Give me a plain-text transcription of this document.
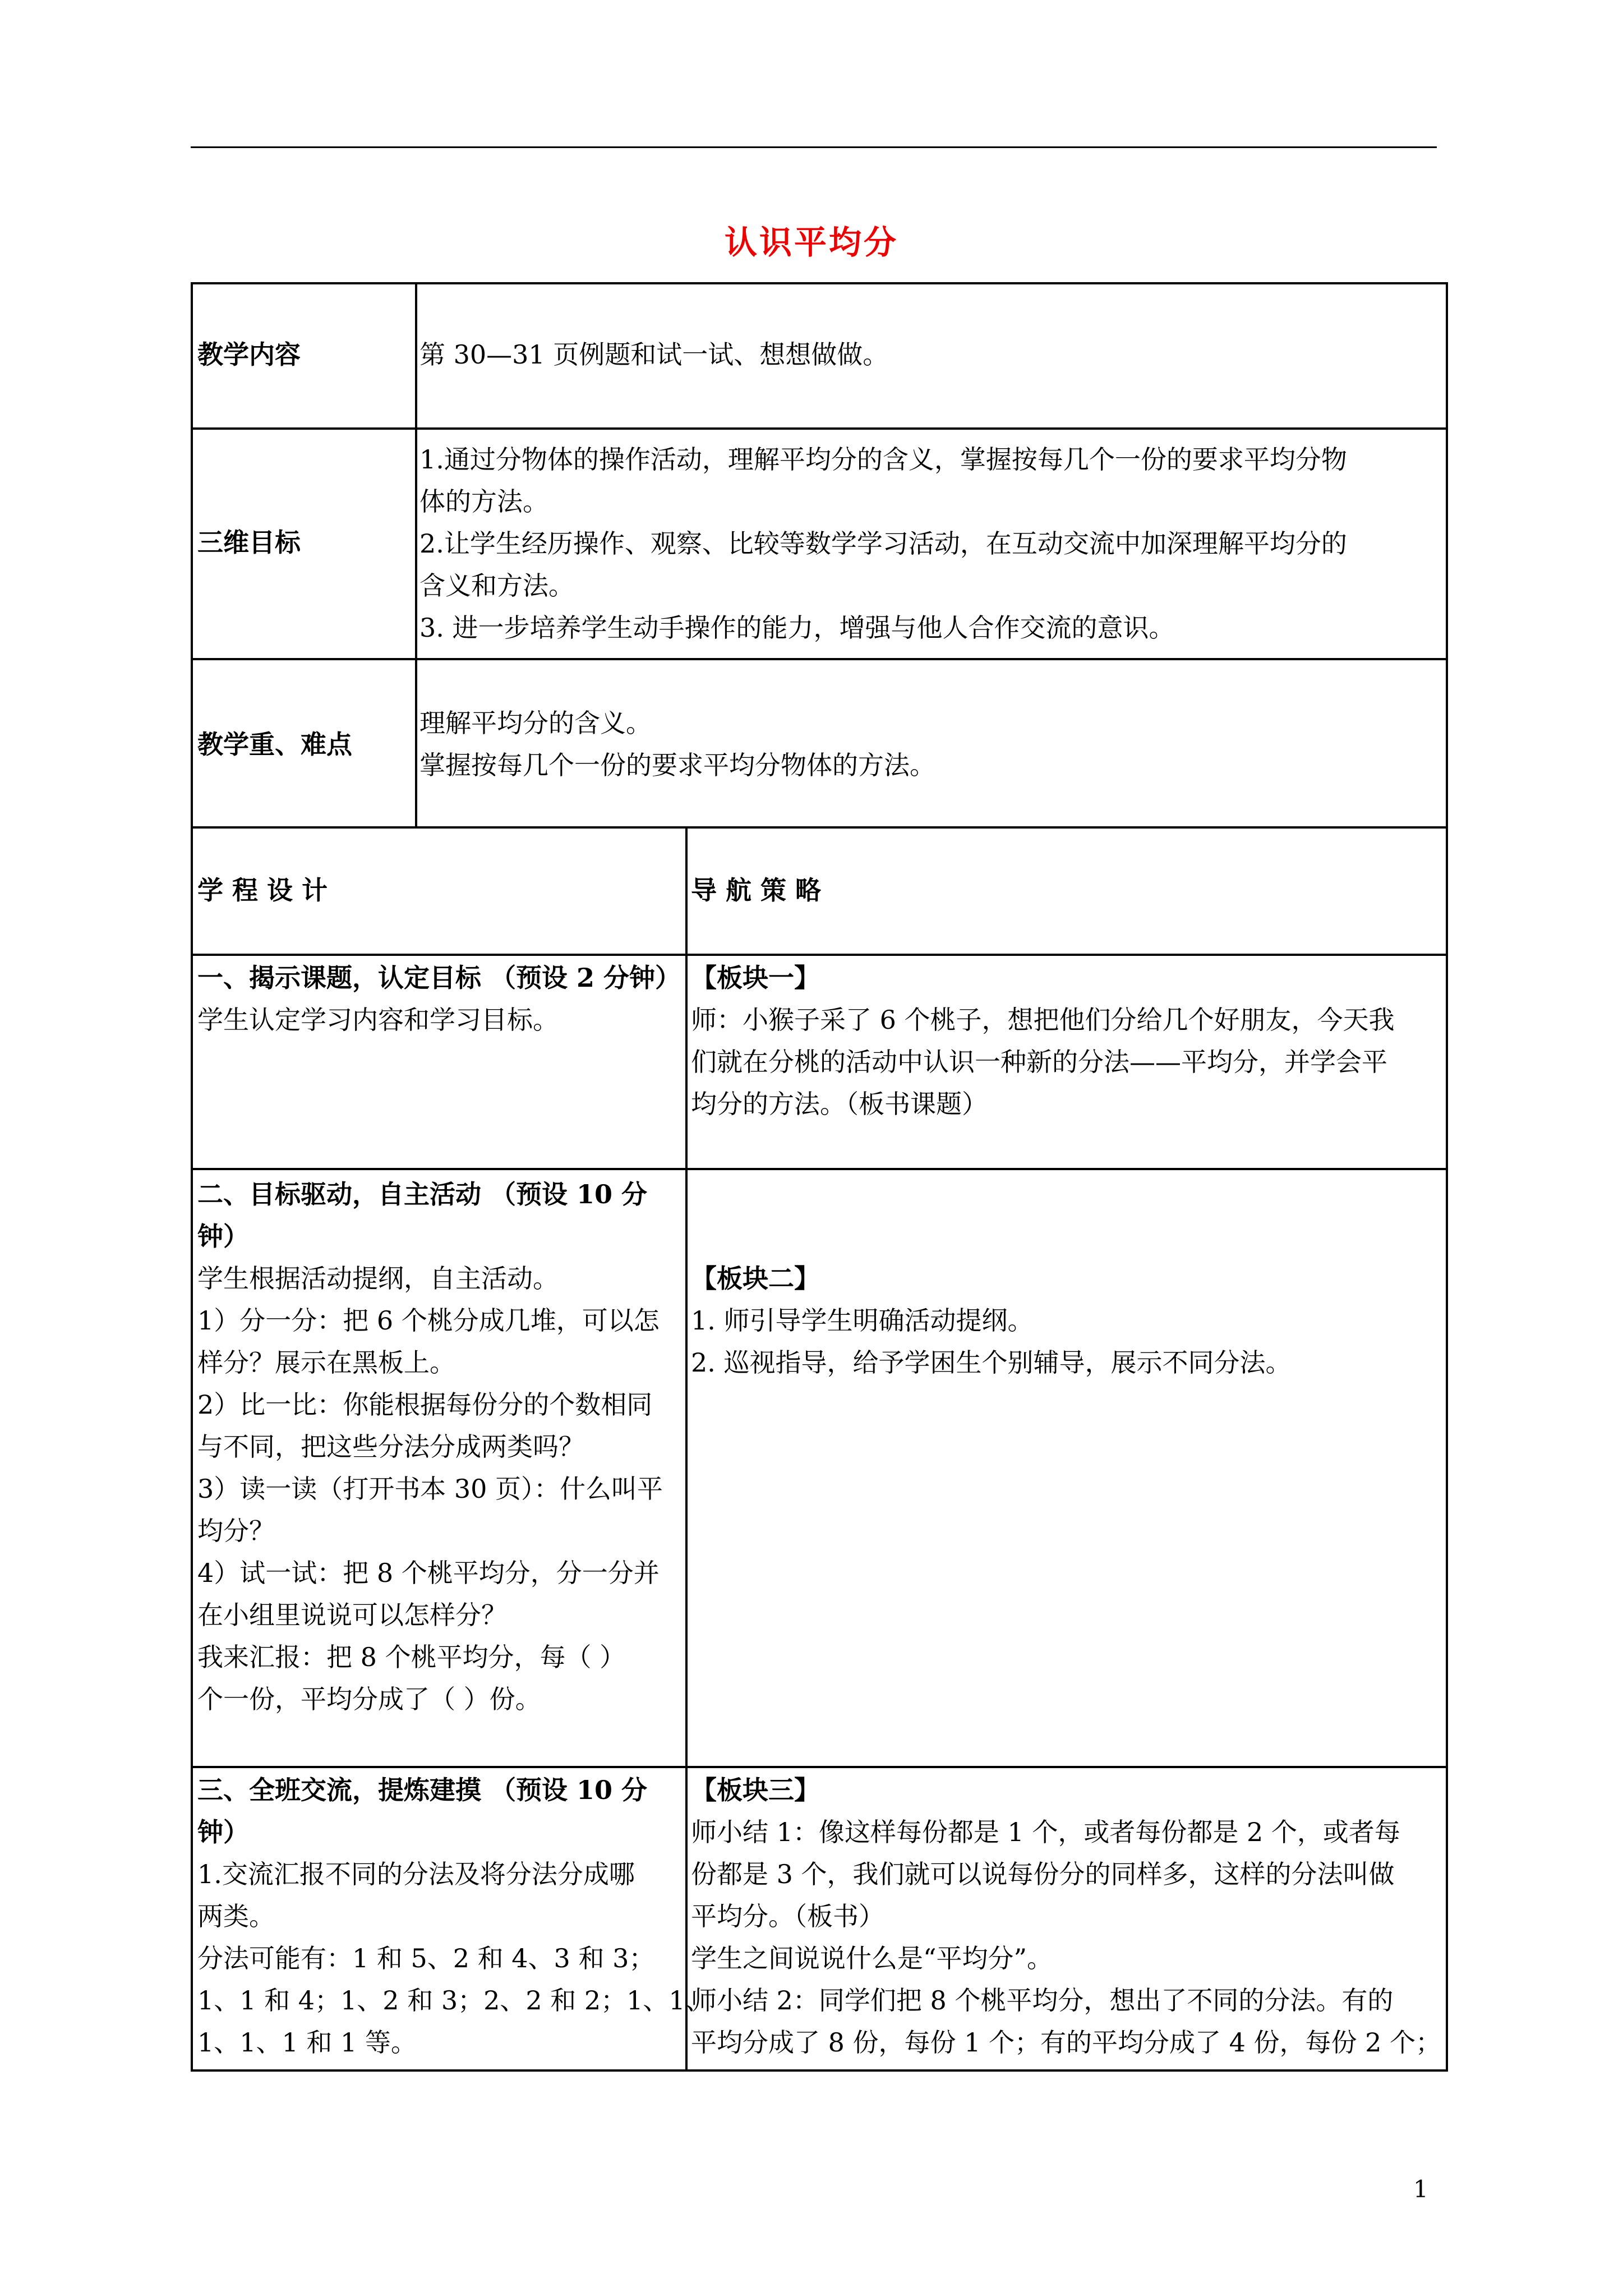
认识平均分
教学内容	第 30—31 页例题和试一试、想想做做。
三维目标
1.通过分物体的操作活动，理解平均分的含义，掌握按每几个一份的要求平均分物
体的方法。
2.让学生经历操作、观察、比较等数学学习活动，在互动交流中加深理解平均分的
含义和方法。
3. 进一步培养学生动手操作的能力，增强与他人合作交流的意识。
教学重、难点
理解平均分的含义。
掌握按每几个一份的要求平均分物体的方法。
学 程 设 计	导 航 策 略
一、揭示课题，认定目标 （预设 2 分钟）
学生认定学习内容和学习目标。
【板块一】
师：小猴子采了 6 个桃子，想把他们分给几个好朋友，今天我
们就在分桃的活动中认识一种新的分法——平均分，并学会平
均分的方法。（板书课题）
二、目标驱动，自主活动 （预设 10 分
钟）
学生根据活动提纲，自主活动。
1）分一分：把 6 个桃分成几堆，可以怎
样分？展示在黑板上。
2）比一比：你能根据每份分的个数相同
与不同，把这些分法分成两类吗？
3）读一读（打开书本 30 页）：什么叫平
均分？
4）试一试：把 8 个桃平均分，分一分并
在小组里说说可以怎样分？
我来汇报：把 8 个桃平均分，每（ ）
个一份，平均分成了（ ）份。
【板块二】
1. 师引导学生明确活动提纲。
2. 巡视指导，给予学困生个别辅导，展示不同分法。
三、全班交流，提炼建摸 （预设 10 分
钟）
1.交流汇报不同的分法及将分法分成哪
两类。
分法可能有：1 和 5、2 和 4、3 和 3；
1、1 和 4；1、2 和 3；2、2 和 2；1、1、
1、1、1 和 1 等。
【板块三】
师小结 1：像这样每份都是 1 个，或者每份都是 2 个，或者每
份都是 3 个，我们就可以说每份分的同样多，这样的分法叫做
平均分。（板书）
学生之间说说什么是“平均分”。
师小结 2：同学们把 8 个桃平均分，想出了不同的分法。有的
平均分成了 8 份，每份 1 个；有的平均分成了 4 份，每份 2 个；
1
